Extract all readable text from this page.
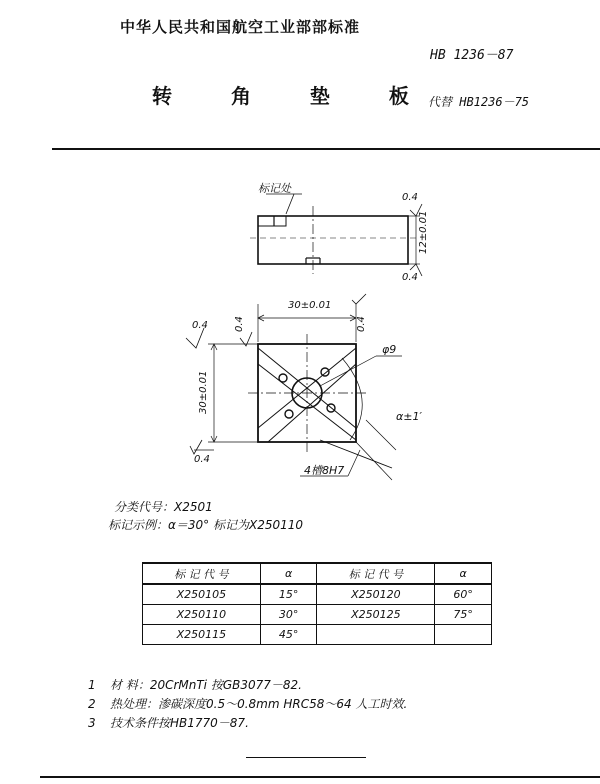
中华人民共和国航空工业部部标准
HB 1236－87
转 角 垫 板
代替 HB1236－75
标记处
0.4
12±0.01
0.4
30±0.01
30±0.01
0.4	0.4	0.4
φ9
α±1′
0.4
4槽8H7
分类代号：X2501
标记示例：α＝30° 标记为X250110
标 记 代 号	α	标 记 代 号	α
X250105	15°	X250120	60°
X250110	30°	X250125	75°
X250115	45°		
1 材 料：20CrMnTi 按GB3077－82.
2 热处理：渗碳深度0.5～0.8mm HRC58～64 人工时效.
3 技术条件按HB1770－87.
